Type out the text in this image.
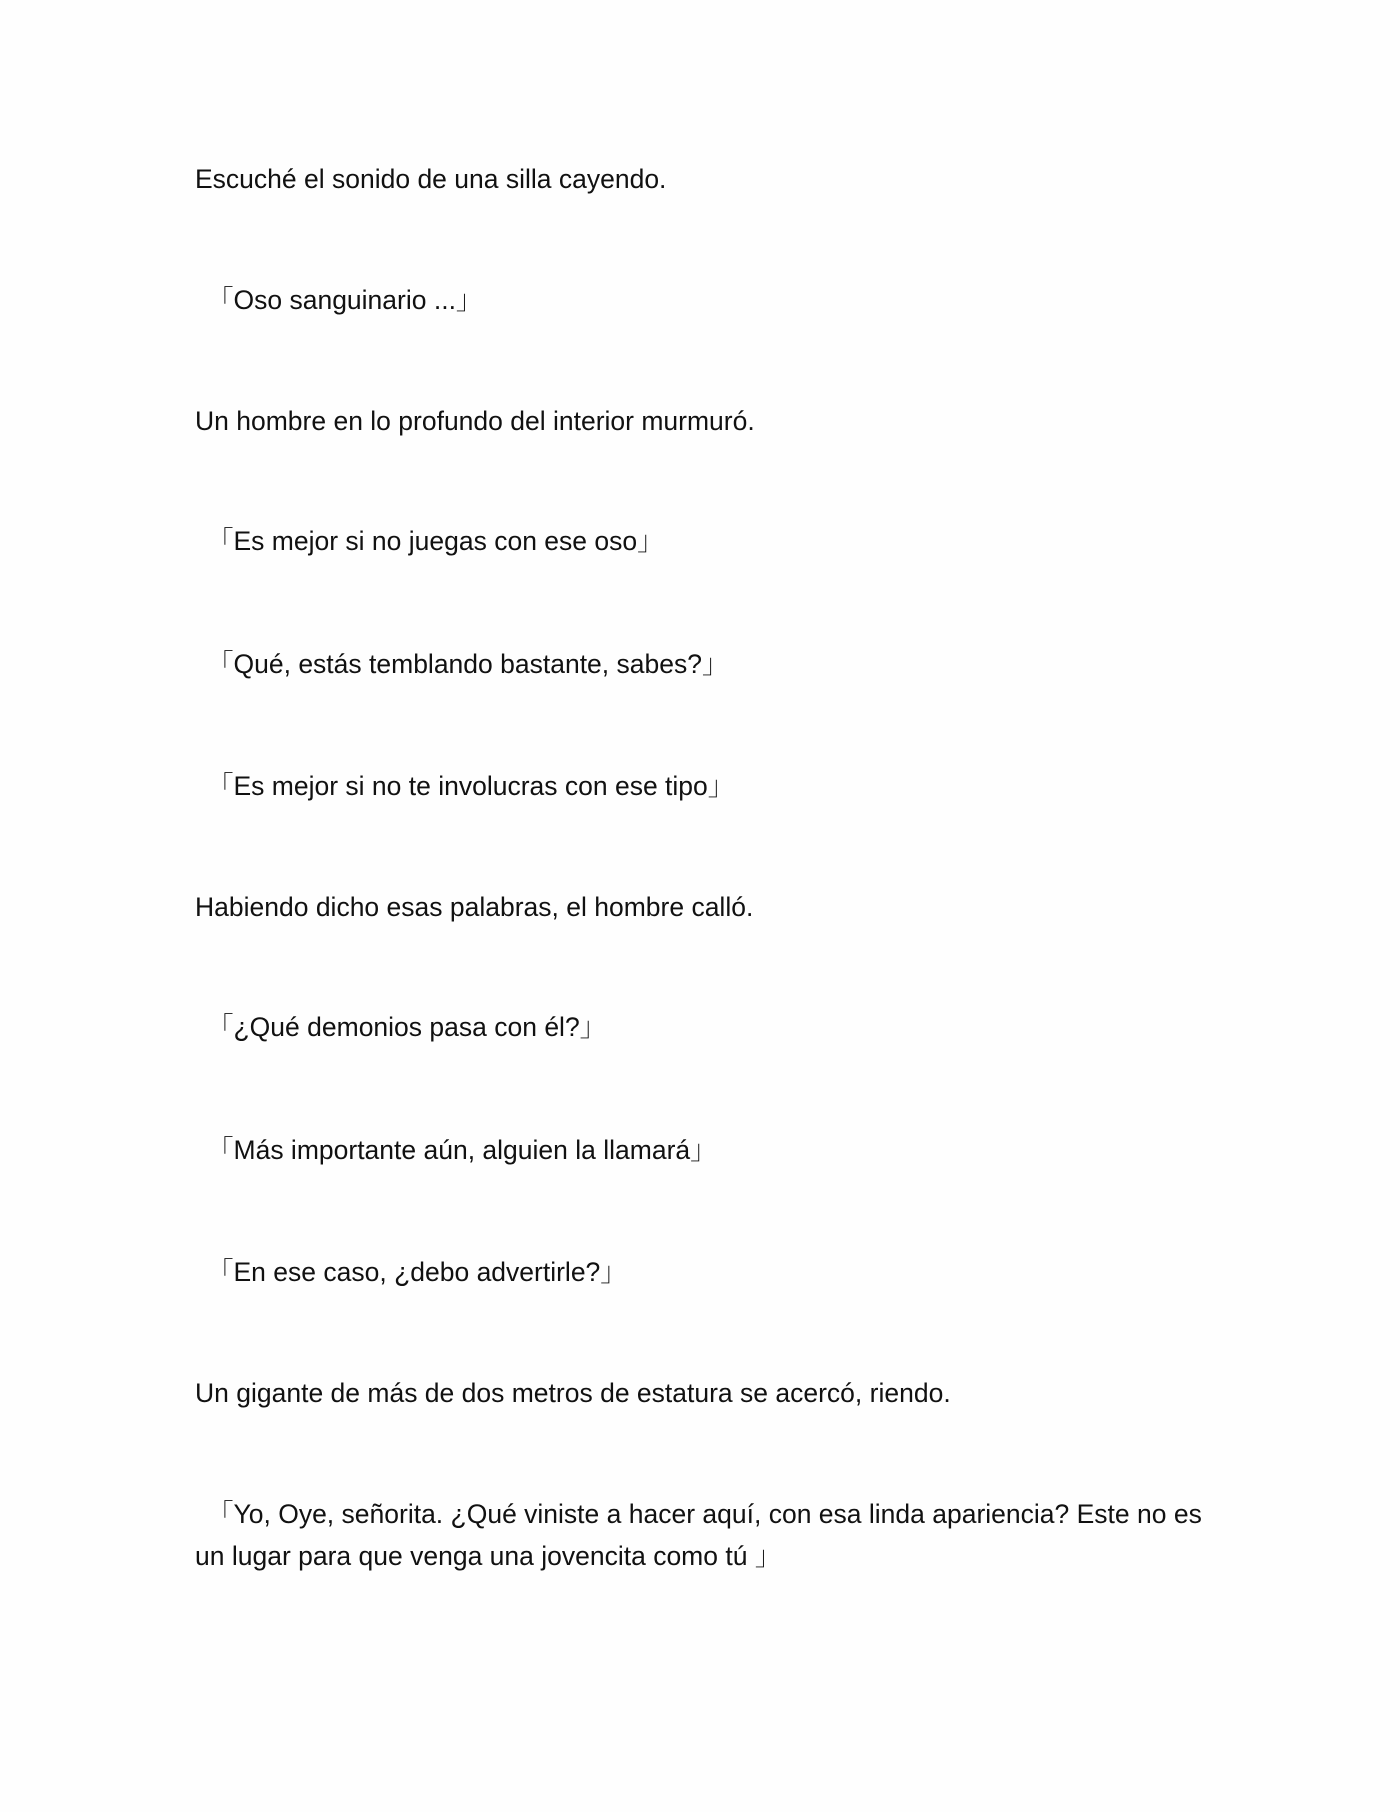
Escuché el sonido de una silla cayendo.

「Oso sanguinario ...」

Un hombre en lo profundo del interior murmuró.

「Es mejor si no juegas con ese oso」

「Qué, estás temblando bastante, sabes?」

「Es mejor si no te involucras con ese tipo」

Habiendo dicho esas palabras, el hombre calló.

「¿Qué demonios pasa con él?」

「Más importante aún, alguien la llamará」

「En ese caso, ¿debo advertirle?」

Un gigante de más de dos metros de estatura se acercó, riendo.

「Yo, Oye, señorita. ¿Qué viniste a hacer aquí, con esa linda apariencia? Este no es un lugar para que venga una jovencita como tú 」
